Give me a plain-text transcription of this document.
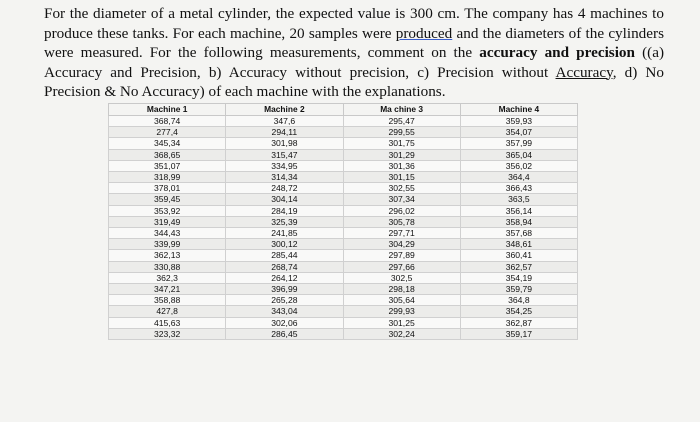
For the diameter of a metal cylinder, the expected value is 300 cm. The company has 4 machines to produce these tanks. For each machine, 20 samples were produced and the diameters of the cylinders were measured. For the following measurements, comment on the accuracy and precision ((a) Accuracy and Precision, b) Accuracy without precision, c) Precision without Accuracy, d) No Precision & No Accuracy) of each machine with the explanations.
Machine 1	Machine 2	Ma chine 3	Machine 4
368,74	347,6	295,47	359,93
277,4	294,11	299,55	354,07
345,34	301,98	301,75	357,99
368,65	315,47	301,29	365,04
351,07	334,95	301,36	356,02
318,99	314,34	301,15	364,4
378,01	248,72	302,55	366,43
359,45	304,14	307,34	363,5
353,92	284,19	296,02	356,14
319,49	325,39	305,78	358,94
344,43	241,85	297,71	357,68
339,99	300,12	304,29	348,61
362,13	285,44	297,89	360,41
330,88	268,74	297,66	362,57
362,3	264,12	302,5	354,19
347,21	396,99	298,18	359,79
358,88	265,28	305,64	364,8
427,8	343,04	299,93	354,25
415,63	302,06	301,25	362,87
323,32	286,45	302,24	359,17
